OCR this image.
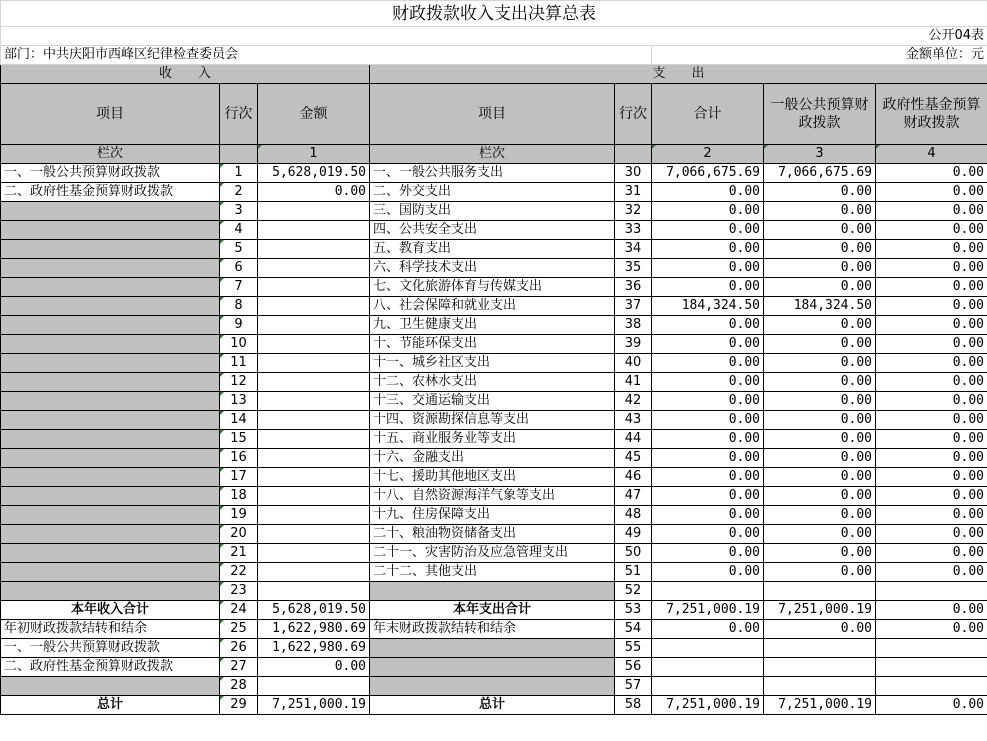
财政拨款收入支出决算总表							
公开04表							
部门：中共庆阳市西峰区纪律检查委员会					金额单位：元		
收　　入			支　　出				
项目	行次	金额	项目	行次	合计	一般公共预算财政拨款	政府性基金预算财政拨款
栏次		1	栏次		2	3	4
一、一般公共预算财政拨款	1	5,628,019.50	一、一般公共服务支出	30	7,066,675.69	7,066,675.69	0.00
二、政府性基金预算财政拨款	2	0.00	二、外交支出	31	0.00	0.00	0.00
	3		三、国防支出	32	0.00	0.00	0.00
	4		四、公共安全支出	33	0.00	0.00	0.00
	5		五、教育支出	34	0.00	0.00	0.00
	6		六、科学技术支出	35	0.00	0.00	0.00
	7		七、文化旅游体育与传媒支出	36	0.00	0.00	0.00
	8		八、社会保障和就业支出	37	184,324.50	184,324.50	0.00
	9		九、卫生健康支出	38	0.00	0.00	0.00
	10		十、节能环保支出	39	0.00	0.00	0.00
	11		十一、城乡社区支出	40	0.00	0.00	0.00
	12		十二、农林水支出	41	0.00	0.00	0.00
	13		十三、交通运输支出	42	0.00	0.00	0.00
	14		十四、资源勘探信息等支出	43	0.00	0.00	0.00
	15		十五、商业服务业等支出	44	0.00	0.00	0.00
	16		十六、金融支出	45	0.00	0.00	0.00
	17		十七、援助其他地区支出	46	0.00	0.00	0.00
	18		十八、自然资源海洋气象等支出	47	0.00	0.00	0.00
	19		十九、住房保障支出	48	0.00	0.00	0.00
	20		二十、粮油物资储备支出	49	0.00	0.00	0.00
	21		二十一、灾害防治及应急管理支出	50	0.00	0.00	0.00
	22		二十二、其他支出	51	0.00	0.00	0.00
	23			52			
本年收入合计	24	5,628,019.50	本年支出合计	53	7,251,000.19	7,251,000.19	0.00
年初财政拨款结转和结余	25	1,622,980.69	年末财政拨款结转和结余	54	0.00	0.00	0.00
一、一般公共预算财政拨款	26	1,622,980.69		55			
二、政府性基金预算财政拨款	27	0.00		56			
	28			57			
总计	29	7,251,000.19	总计	58	7,251,000.19	7,251,000.19	0.00
